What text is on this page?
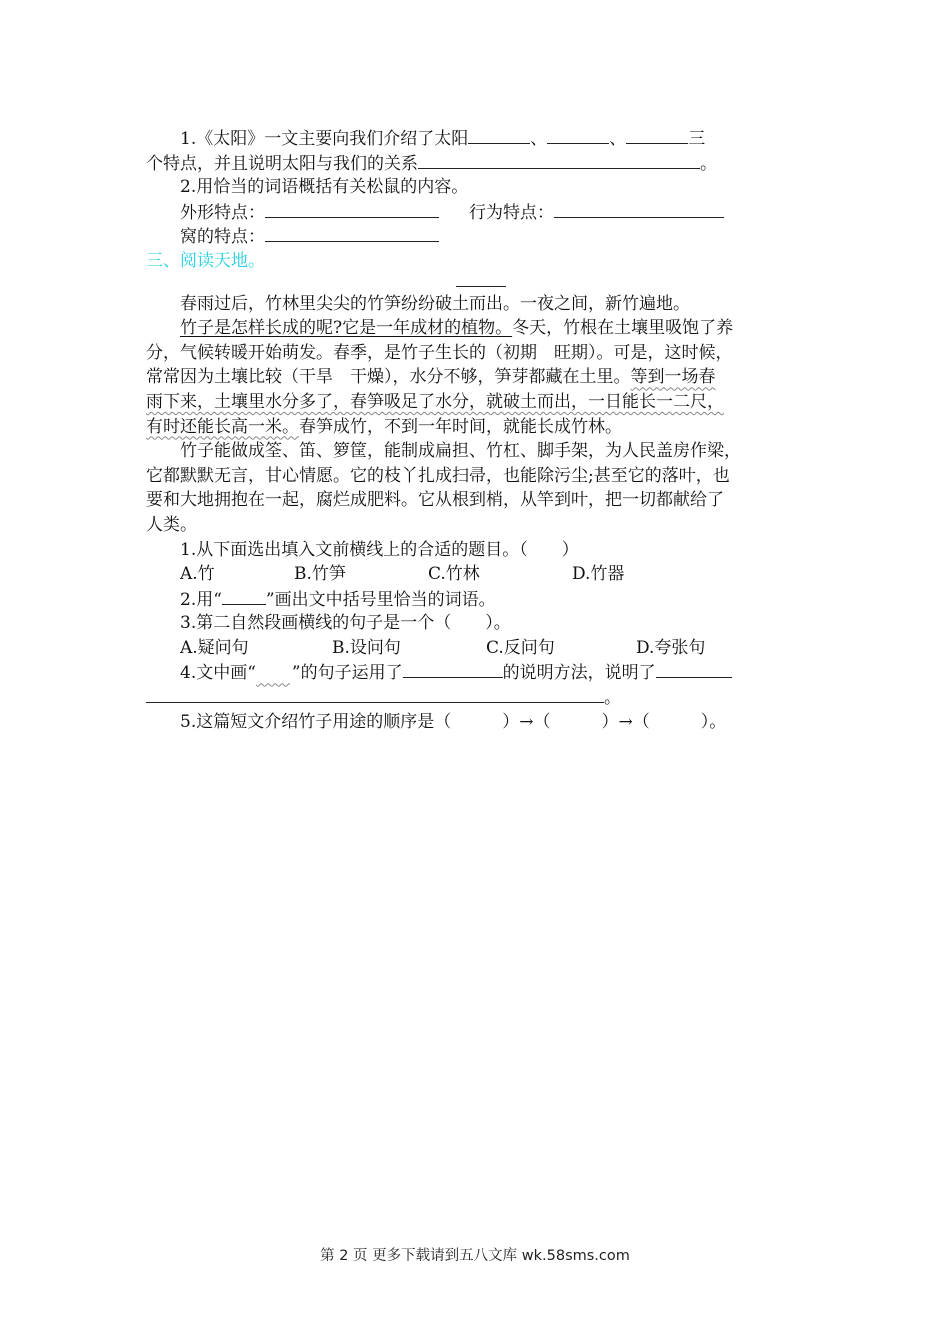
1.《太阳》一文主要向我们介绍了太阳	、	、	三
个特点，并且说明太阳与我们的关系	。
2.用恰当的词语概括有关松鼠的内容。
外形特点：	行为特点：
窝的特点：
三、阅读天地。
春雨过后，竹林里尖尖的竹笋纷纷破土而出。一夜之间，新竹遍地。
竹子是怎样长成的呢?它是一年成材的植物。冬天，竹根在土壤里吸饱了养
分，气候转暖开始萌发。春季，是竹子生长的（初期　旺期）。可是，这时候，
常常因为土壤比较（干旱　干燥），水分不够，笋芽都藏在土里。等到一场春
雨下来，土壤里水分多了，春笋吸足了水分，就破土而出，一日能长一二尺，
有时还能长高一米。春笋成竹，不到一年时间，就能长成竹林。
竹子能做成筌、笛、箩筐，能制成扁担、竹杠、脚手架，为人民盖房作梁，
它都默默无言，甘心情愿。它的枝丫扎成扫帚，也能除污尘;甚至它的落叶，也
要和大地拥抱在一起，腐烂成肥料。它从根到梢，从竿到叶，把一切都献给了
人类。
1.从下面选出填入文前横线上的合适的题目。（　　）
A.竹	B.竹笋	C.竹林	D.竹器
2.用“	”画出文中括号里恰当的词语。
3.第二自然段画横线的句子是一个（　　）。
A.疑问句	B.设问句	C.反问句	D.夸张句
4.文中画“ ”的句子运用了	的说明方法，说明了
。
5.这篇短文介绍竹子用途的顺序是（　　　）→（　　　）→（　　　）。
第 2 页 更多下载请到五八文库 wk.58sms.com
